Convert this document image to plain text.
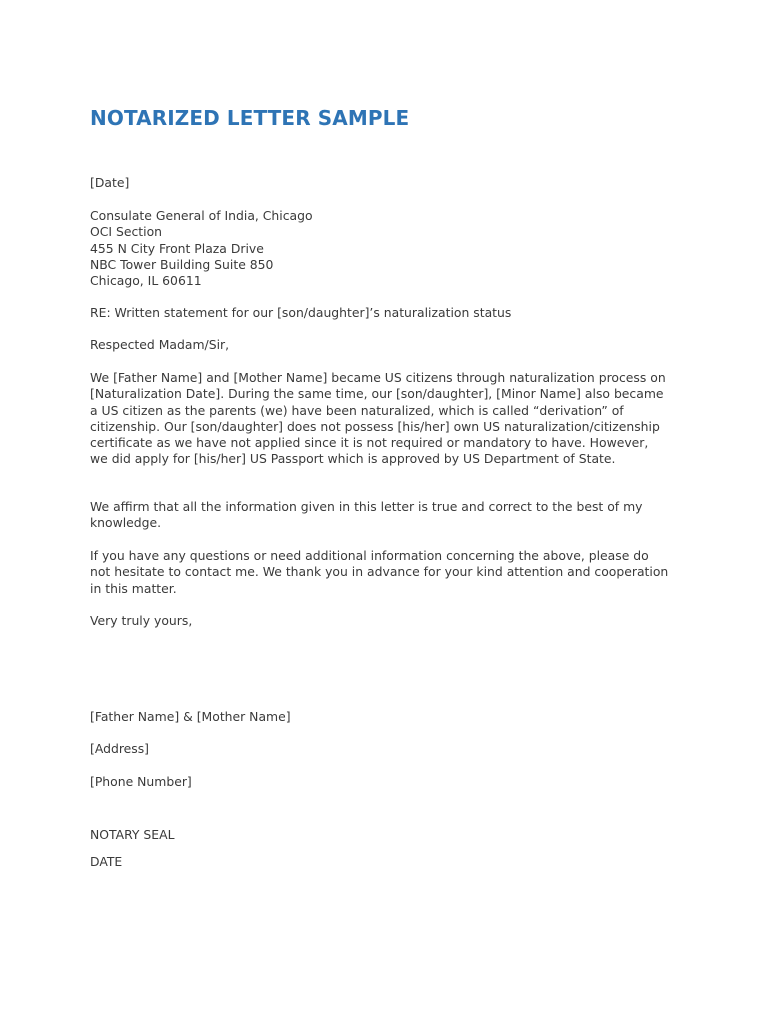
NOTARIZED LETTER SAMPLE

[Date]

Consulate General of India, Chicago
OCI Section
455 N City Front Plaza Drive
NBC Tower Building Suite 850
Chicago, IL 60611

RE: Written statement for our [son/daughter]’s naturalization status

Respected Madam/Sir,

We [Father Name] and [Mother Name] became US citizens through naturalization process on
[Naturalization Date]. During the same time, our [son/daughter], [Minor Name] also became
a US citizen as the parents (we) have been naturalized, which is called “derivation” of
citizenship. Our [son/daughter] does not possess [his/her] own US naturalization/citizenship
certificate as we have not applied since it is not required or mandatory to have. However,
we did apply for [his/her] US Passport which is approved by US Department of State.
We affirm that all the information given in this letter is true and correct to the best of my
knowledge.
If you have any questions or need additional information concerning the above, please do
not hesitate to contact me. We thank you in advance for your kind attention and cooperation
in this matter.

Very truly yours,

[Father Name] & [Mother Name]

[Address]

[Phone Number]

NOTARY SEAL

DATE
